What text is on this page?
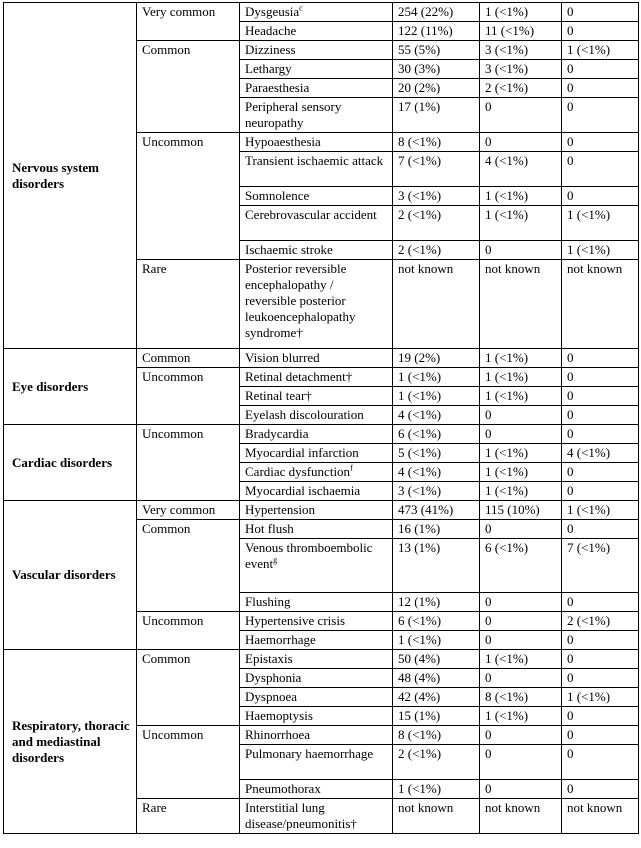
Nervous system disorders	Very common	Dysgeusia$^c$	254 (22%)	1 (<1%)	0
		Headache	122 (11%)	11 (<1%)	0
	Common	Dizziness	55 (5%)	3 (<1%)	1 (<1%)
		Lethargy	30 (3%)	3 (<1%)	0
		Paraesthesia	20 (2%)	2 (<1%)	0
		Peripheral sensory neuropathy	17 (1%)	0	0
	Uncommon	Hypoaesthesia	8 (<1%)	0	0
		Transient ischaemic attack	7 (<1%)	4 (<1%)	0
		Somnolence	3 (<1%)	1 (<1%)	0
		Cerebrovascular accident	2 (<1%)	1 (<1%)	1 (<1%)
		Ischaemic stroke	2 (<1%)	0	1 (<1%)
	Rare	Posterior reversible encephalopathy / reversible posterior leukoencephalopathy syndrome†	not known	not known	not known
Eye disorders	Common	Vision blurred	19 (2%)	1 (<1%)	0
	Uncommon	Retinal detachment†	1 (<1%)	1 (<1%)	0
		Retinal tear†	1 (<1%)	1 (<1%)	0
		Eyelash discolouration	4 (<1%)	0	0
Cardiac disorders	Uncommon	Bradycardia	6 (<1%)	0	0
		Myocardial infarction	5 (<1%)	1 (<1%)	4 (<1%)
		Cardiac dysfunction$^f$	4 (<1%)	1 (<1%)	0
		Myocardial ischaemia	3 (<1%)	1 (<1%)	0
Vascular disorders	Very common	Hypertension	473 (41%)	115 (10%)	1 (<1%)
	Common	Hot flush	16 (1%)	0	0
		Venous thromboembolic event$^g$	13 (1%)	6 (<1%)	7 (<1%)
		Flushing	12 (1%)	0	0
	Uncommon	Hypertensive crisis	6 (<1%)	0	2 (<1%)
		Haemorrhage	1 (<1%)	0	0
Respiratory, thoracic and mediastinal disorders	Common	Epistaxis	50 (4%)	1 (<1%)	0
		Dysphonia	48 (4%)	0	0
		Dyspnoea	42 (4%)	8 (<1%)	1 (<1%)
		Haemoptysis	15 (1%)	1 (<1%)	0
	Uncommon	Rhinorrhoea	8 (<1%)	0	0
		Pulmonary haemorrhage	2 (<1%)	0	0
		Pneumothorax	1 (<1%)	0	0
	Rare	Interstitial lung disease/pneumonitis†	not known	not known	not known
